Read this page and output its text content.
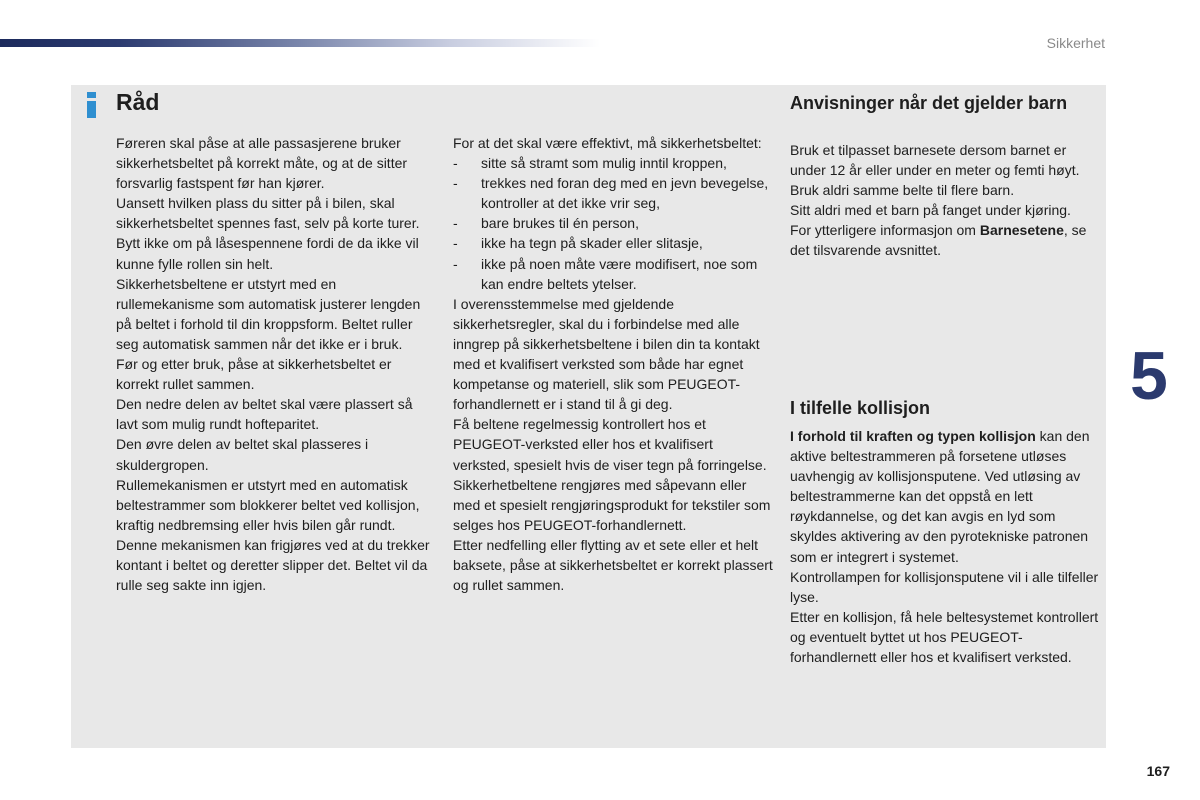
Sikkerhet
Råd

Føreren skal påse at alle passasjerene bruker sikkerhetsbeltet på korrekt måte, og at de sitter forsvarlig fastspent før han kjører.

Uansett hvilken plass du sitter på i bilen, skal sikkerhetsbeltet spennes fast, selv på korte turer.

Bytt ikke om på låsespennene fordi de da ikke vil kunne fylle rollen sin helt.

Sikkerhetsbeltene er utstyrt med en rullemekanisme som automatisk justerer lengden på beltet i forhold til din kroppsform. Beltet ruller seg automatisk sammen når det ikke er i bruk.

Før og etter bruk, påse at sikkerhetsbeltet er korrekt rullet sammen.

Den nedre delen av beltet skal være plassert så lavt som mulig rundt hofteparitet.

Den øvre delen av beltet skal plasseres i skuldergropen.

Rullemekanismen er utstyrt med en automatisk beltestrammer som blokkerer beltet ved kollisjon, kraftig nedbremsing eller hvis bilen går rundt. Denne mekanismen kan frigjøres ved at du trekker kontant i beltet og deretter slipper det. Beltet vil da rulle seg sakte inn igjen.

For at det skal være effektivt, må sikkerhetsbeltet:

- sitte så stramt som mulig inntil kroppen,
- trekkes ned foran deg med en jevn bevegelse, kontroller at det ikke vrir seg,
- bare brukes til én person,
- ikke ha tegn på skader eller slitasje,
- ikke på noen måte være modifisert, noe som kan endre beltets ytelser.

I overensstemmelse med gjeldende sikkerhetsregler, skal du i forbindelse med alle inngrep på sikkerhetsbeltene i bilen din ta kontakt med et kvalifisert verksted som både har egnet kompetanse og materiell, slik som PEUGEOT-forhandlernett er i stand til å gi deg.

Få beltene regelmessig kontrollert hos et PEUGEOT-verksted eller hos et kvalifisert verksted, spesielt hvis de viser tegn på forringelse.

Sikkerhetbeltene rengjøres med såpevann eller med et spesielt rengjøringsprodukt for tekstiler som selges hos PEUGEOT-forhandlernett.

Etter nedfelling eller flytting av et sete eller et helt baksete, påse at sikkerhetsbeltet er korrekt plassert og rullet sammen.

Anvisninger når det gjelder barn

Bruk et tilpasset barnesete dersom barnet er under 12 år eller under en meter og femti høyt.

Bruk aldri samme belte til flere barn.

Sitt aldri med et barn på fanget under kjøring.

For ytterligere informasjon om Barnesetene, se det tilsvarende avsnittet.

I tilfelle kollisjon

I forhold til kraften og typen kollisjon kan den aktive beltestrammeren på forsetene utløses uavhengig av kollisjonsputene. Ved utløsing av beltestrammerne kan det oppstå en lett røykdannelse, og det kan avgis en lyd som skyldes aktivering av den pyrotekniske patronen som er integrert i systemet.

Kontrollampen for kollisjonsputene vil i alle tilfeller lyse.

Etter en kollisjon, få hele beltesystemet kontrollert og eventuelt byttet ut hos PEUGEOT-forhandlernett eller hos et kvalifisert verksted.

5
167
